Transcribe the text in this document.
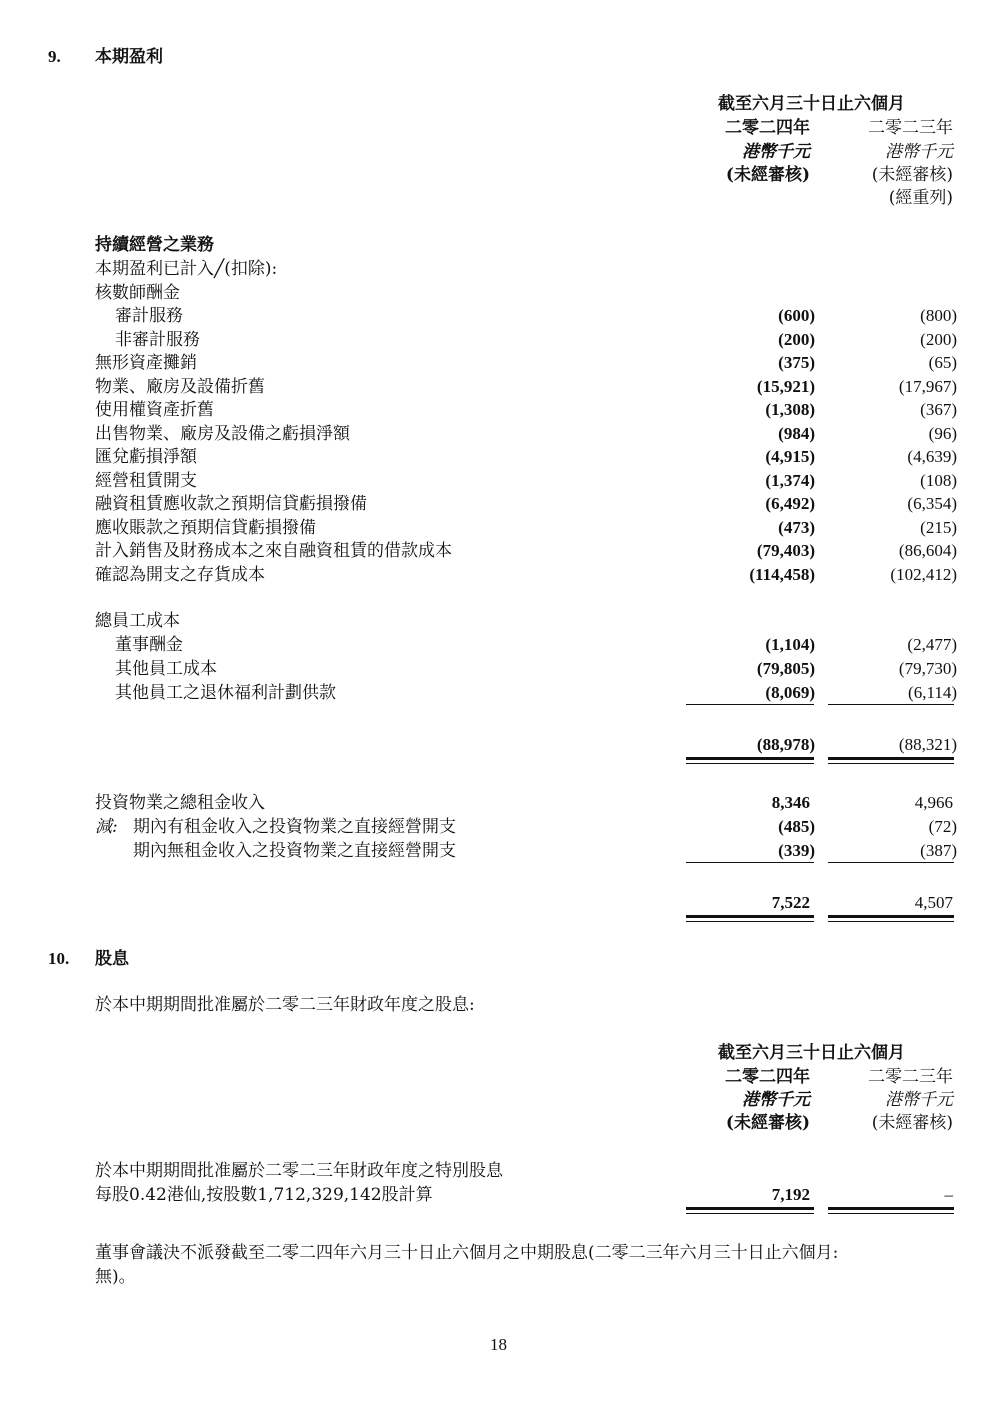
9. 本期盈利
截至六月三十日止六個月
二零二四年	二零二三年
港幣千元	港幣千元
(未經審核)	(未經審核)
(經重列)
持續經營之業務
本期盈利已計入╱(扣除):
核數師酬金
審計服務	(600)	(800)
非審計服務	(200)	(200)
無形資產攤銷	(375)	(65)
物業、廠房及設備折舊	(15,921)	(17,967)
使用權資產折舊	(1,308)	(367)
出售物業、廠房及設備之虧損淨額	(984)	(96)
匯兌虧損淨額	(4,915)	(4,639)
經營租賃開支	(1,374)	(108)
融資租賃應收款之預期信貸虧損撥備	(6,492)	(6,354)
應收賬款之預期信貸虧損撥備	(473)	(215)
計入銷售及財務成本之來自融資租賃的借款成本	(79,403)	(86,604)
確認為開支之存貨成本	(114,458)	(102,412)
總員工成本
董事酬金	(1,104)	(2,477)
其他員工成本	(79,805)	(79,730)
其他員工之退休福利計劃供款	(8,069)	(6,114)
(88,978)	(88,321)
投資物業之總租金收入	8,346	4,966
減: 期內有租金收入之投資物業之直接經營開支	(485)	(72)
期內無租金收入之投資物業之直接經營開支	(339)	(387)
7,522	4,507
10. 股息
於本中期期間批准屬於二零二三年財政年度之股息:
截至六月三十日止六個月
二零二四年	二零二三年
港幣千元	港幣千元
(未經審核)	(未經審核)
於本中期期間批准屬於二零二三年財政年度之特別股息
每股0.42港仙,按股數1,712,329,142股計算	7,192	–
董事會議決不派發截至二零二四年六月三十日止六個月之中期股息(二零二三年六月三十日止六個月:
無)。
18
